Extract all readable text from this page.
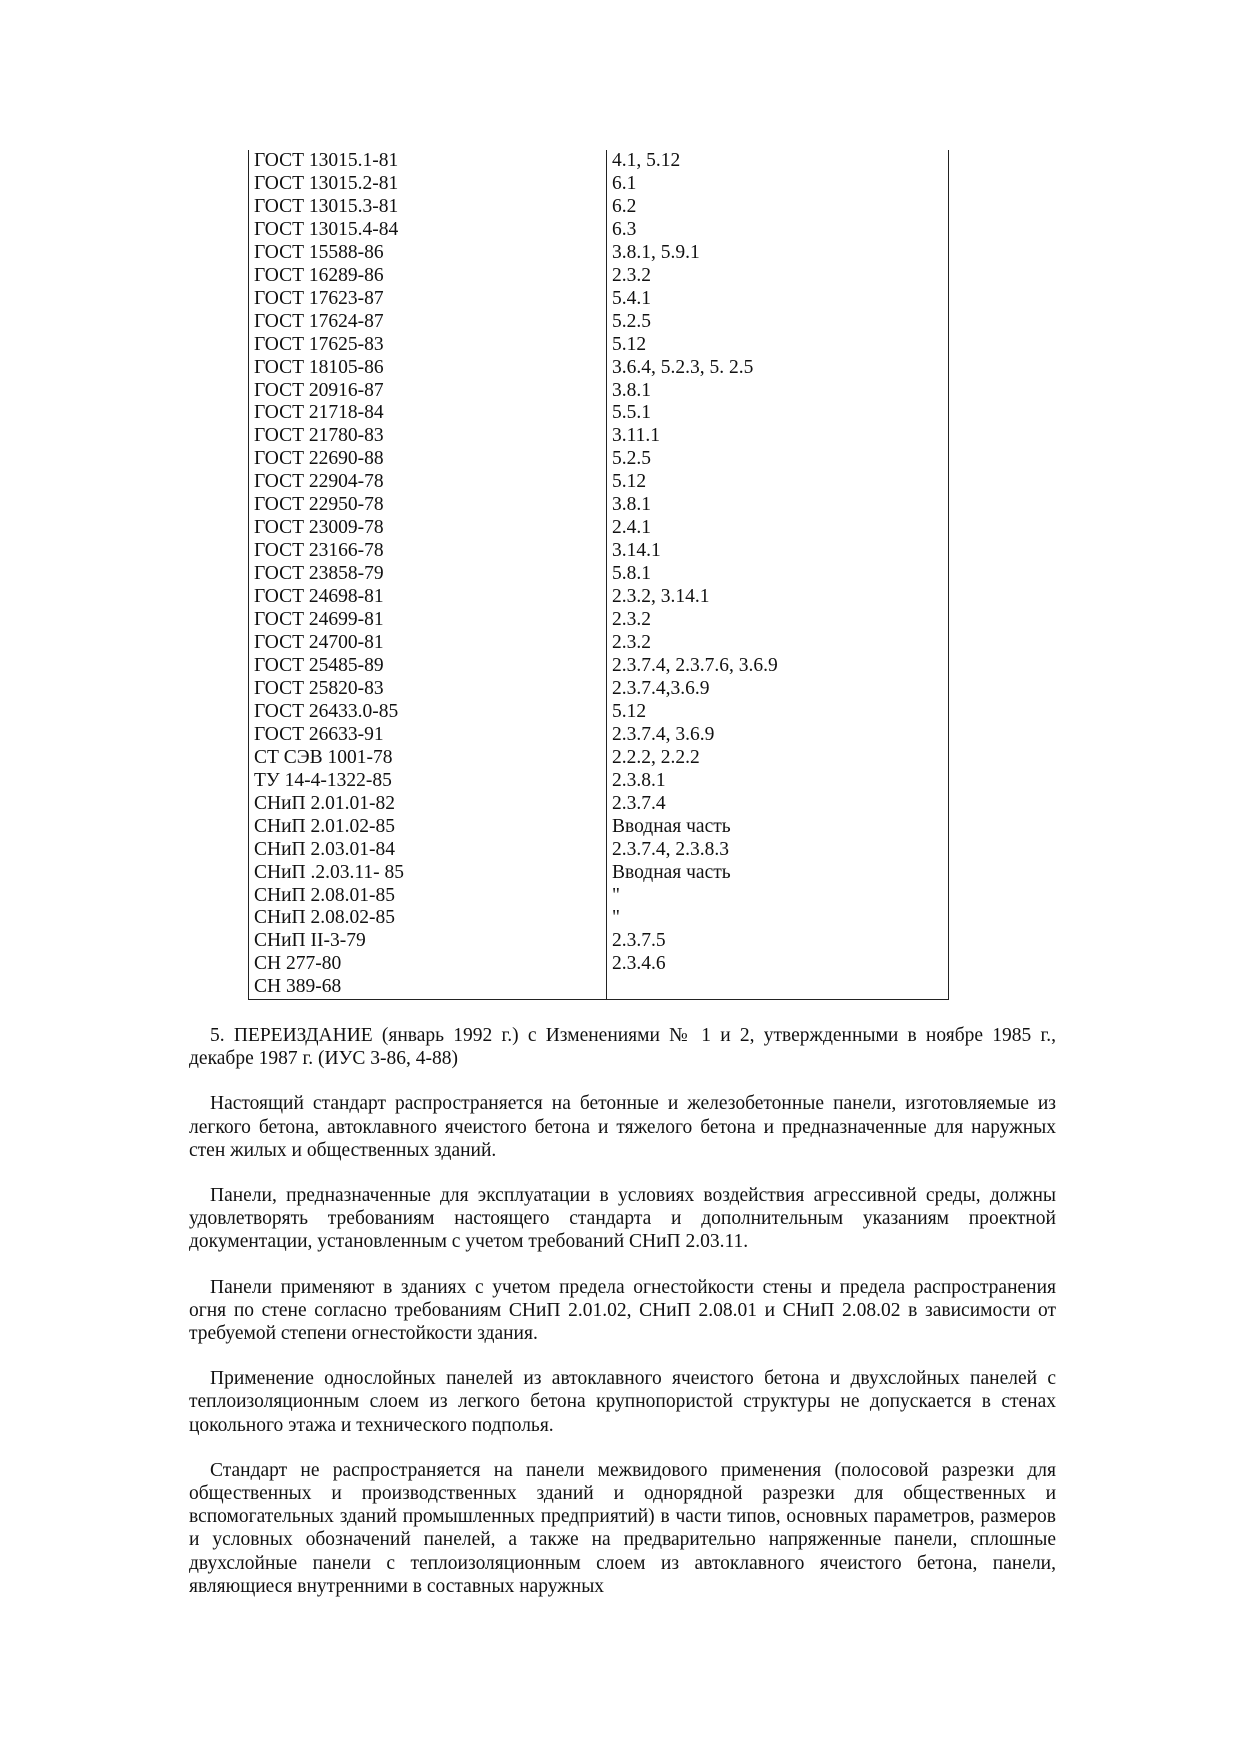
ГОСТ 13015.1-81	4.1, 5.12
ГОСТ 13015.2-81	6.1
ГОСТ 13015.3-81	6.2
ГОСТ 13015.4-84	6.3
ГОСТ 15588-86	3.8.1, 5.9.1
ГОСТ 16289-86	2.3.2
ГОСТ 17623-87	5.4.1
ГОСТ 17624-87	5.2.5
ГОСТ 17625-83	5.12
ГОСТ 18105-86	3.6.4, 5.2.3, 5. 2.5
ГОСТ 20916-87	3.8.1
ГОСТ 21718-84	5.5.1
ГОСТ 21780-83	3.11.1
ГОСТ 22690-88	5.2.5
ГОСТ 22904-78	5.12
ГОСТ 22950-78	3.8.1
ГОСТ 23009-78	2.4.1
ГОСТ 23166-78	3.14.1
ГОСТ 23858-79	5.8.1
ГОСТ 24698-81	2.3.2, 3.14.1
ГОСТ 24699-81	2.3.2
ГОСТ 24700-81	2.3.2
ГОСТ 25485-89	2.3.7.4, 2.3.7.6, 3.6.9
ГОСТ 25820-83	2.3.7.4,3.6.9
ГОСТ 26433.0-85	5.12
ГОСТ 26633-91	2.3.7.4, 3.6.9
СТ СЭВ 1001-78	2.2.2, 2.2.2
ТУ 14-4-1322-85	2.3.8.1
СНиП 2.01.01-82	2.3.7.4
СНиП 2.01.02-85	Вводная часть
СНиП 2.03.01-84	2.3.7.4, 2.3.8.3
СНиП .2.03.11- 85	Вводная часть
СНиП 2.08.01-85	"
СНиП 2.08.02-85	"
СНиП II-3-79	2.3.7.5
СН 277-80	2.3.4.6
СН 389-68	

5. ПЕРЕИЗДАНИЕ (январь 1992 г.) с Изменениями № 1 и 2, утвержденными в ноябре 1985 г., декабре 1987 г. (ИУС 3-86, 4-88)

Настоящий стандарт распространяется на бетонные и железобетонные панели, изготовляемые из легкого бетона, автоклавного ячеистого бетона и тяжелого бетона и предназначенные для наружных стен жилых и общественных зданий.

Панели, предназначенные для эксплуатации в условиях воздействия агрессивной среды, должны удовлетворять требованиям настоящего стандарта и дополнительным указаниям проектной документации, установленным с учетом требований СНиП 2.03.11.

Панели применяют в зданиях с учетом предела огнестойкости стены и предела распространения огня по стене согласно требованиям СНиП 2.01.02, СНиП 2.08.01 и СНиП 2.08.02 в зависимости от требуемой степени огнестойкости здания.

Применение однослойных панелей из автоклавного ячеистого бетона и двухслойных панелей с теплоизоляционным слоем из легкого бетона крупнопористой структуры не допускается в стенах цокольного этажа и технического подполья.

Стандарт не распространяется на панели межвидового применения (полосовой разрезки для общественных и производственных зданий и однорядной разрезки для общественных и вспомогательных зданий промышленных предприятий) в части типов, основных параметров, размеров и условных обозначений панелей, а также на предварительно напряженные панели, сплошные двухслойные панели с теплоизоляционным слоем из автоклавного ячеистого бетона, панели, являющиеся внутренними в составных наружных
